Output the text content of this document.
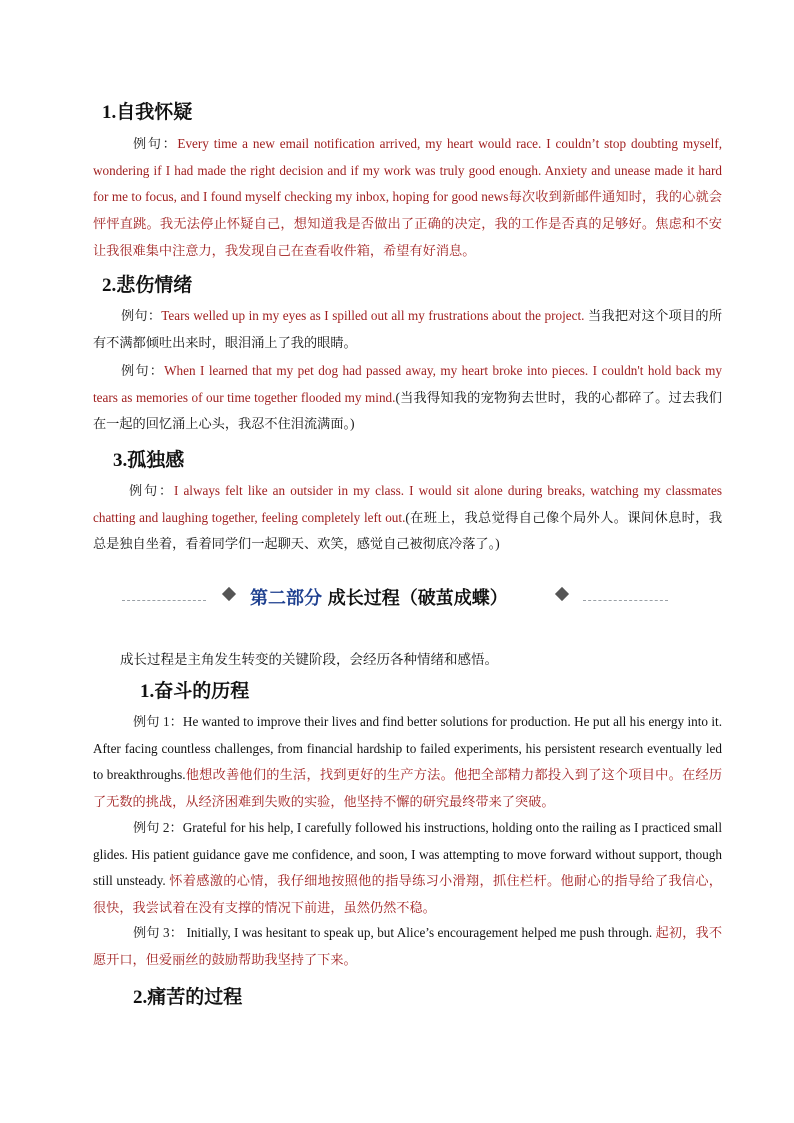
1.自我怀疑
例句：Every time a new email notification arrived, my heart would race. I couldn’t stop doubting myself, wondering if I had made the right decision and if my work was truly good enough. Anxiety and unease made it hard for me to focus, and I found myself checking my inbox, hoping for good news每次收到新邮件通知时，我的心就会怦怦直跳。我无法停止怀疑自己，想知道我是否做出了正确的决定，我的工作是否真的足够好。焦虑和不安让我很难集中注意力，我发现自己在查看收件箱，希望有好消息。
2.悲伤情绪
例句：Tears welled up in my eyes as I spilled out all my frustrations about the project. 当我把对这个项目的所有不满都倾吐出来时，眼泪涌上了我的眼睛。
例句：When I learned that my pet dog had passed away, my heart broke into pieces. I couldn't hold back my tears as memories of our time together flooded my mind.(当我得知我的宠物狗去世时，我的心都碎了。过去我们在一起的回忆涌上心头，我忍不住泪流满面。)
3.孤独感
例句：I always felt like an outsider in my class. I would sit alone during breaks, watching my classmates chatting and laughing together, feeling completely left out.(在班上，我总觉得自己像个局外人。课间休息时，我总是独自坐着，看着同学们一起聊天、欢笑，感觉自己被彻底冷落了。)
第二部分 成长过程（破茧成蝶）
成长过程是主角发生转变的关键阶段，会经历各种情绪和感悟。
1.奋斗的历程
例句 1：He wanted to improve their lives and find better solutions for production. He put all his energy into it. After facing countless challenges, from financial hardship to failed experiments, his persistent research eventually led to breakthroughs.他想改善他们的生活，找到更好的生产方法。他把全部精力都投入到了这个项目中。在经历了无数的挑战，从经济困难到失败的实验，他坚持不懈的研究最终带来了突破。
例句 2：Grateful for his help, I carefully followed his instructions, holding onto the railing as I practiced small glides. His patient guidance gave me confidence, and soon, I was attempting to move forward without support, though still unsteady. 怀着感激的心情，我仔细地按照他的指导练习小滑翔，抓住栏杆。他耐心的指导给了我信心，很快，我尝试着在没有支撑的情况下前进，虽然仍然不稳。
例句 3： Initially, I was hesitant to speak up, but Alice’s encouragement helped me push through. 起初，我不愿开口，但爱丽丝的鼓励帮助我坚持了下来。
2.痛苦的过程
